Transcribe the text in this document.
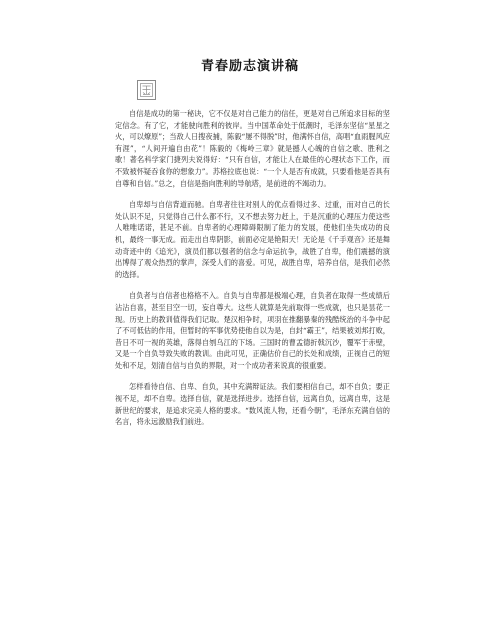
青春励志演讲稿

自信是成功的第一秘诀，它不仅是对自己能力的信任，更是对自己所追求目标的坚定信念。有了它，才能驶向胜利的彼岸。当中国革命处于低潮时，毛泽东坚信“星星之火，可以燎原”；当敌人日搜夜捕，陈毅“屡不得脱”时，他满怀自信，高唱“血雨腥风应有涯”，“人间开遍自由花”！陈毅的《梅岭三章》就是撼人心魄的自信之歌、胜利之歌！著名科学家门捷列夫说得好：“只有自信，才能让人在最佳的心理状态下工作，而不致被怀疑吞食你的想象力”。苏格拉底也说：“一个人是否有成就，只要看他是否具有自尊和自信。”总之，自信是指向胜利的导航塔，是前进的不竭动力。

自卑却与自信背道而驰。自卑者往往对别人的优点看得过多、过重，而对自己的长处认识不足，只觉得自己什么都不行，又不想去努力赶上，于是沉重的心理压力使这些人唯唯诺诺，甚足不前。自卑者的心理障碍限制了能力的发展，使他们坐失成功的良机，最终一事无成。而走出自卑阴影，前面必定是艳阳天！无论是《千手观音》还是舞动奇迹中的《追光》，演员们都以强者的信念与命运抗争，战胜了自卑，他们震撼的演出博得了观众热烈的掌声，深受人们的喜爱。可见，战胜自卑，培养自信，是我们必然的选择。

自负者与自信者也格格不入。自负与自卑都是极端心理，自负者在取得一些成绩后沾沾自喜，甚至目空一切，妄自尊大。这些人就算是先前取得一些成就，也只是昙花一现。历史上的教训值得我们记取。楚汉相争时，项羽在推翻暴秦的残酷统治的斗争中起了不可低估的作用，但暂时的军事优势使他自以为是，自封“霸王”，结果被刘邦打败，昔日不可一视的英雄，落得自刎乌江的下场。三国时的曹孟德折戟沉沙，覆军于赤壁，又是一个自负导致失败的教训。由此可见，正确估价自己的长处和成绩，正视自己的短处和不足，划清自信与自负的界限，对一个成功者来说真的很重要。

怎样看待自信、自卑、自负，其中充满辩证法。我们要相信自己，却不自负；要正视不足，却不自卑。选择自信，就是选择进步。选择自信，远离自负，远离自卑，这是新世纪的要求，是追求完美人格的要求。“数风流人物，还看今朝”，毛泽东充满自信的名言，将永远激励我们前进。
